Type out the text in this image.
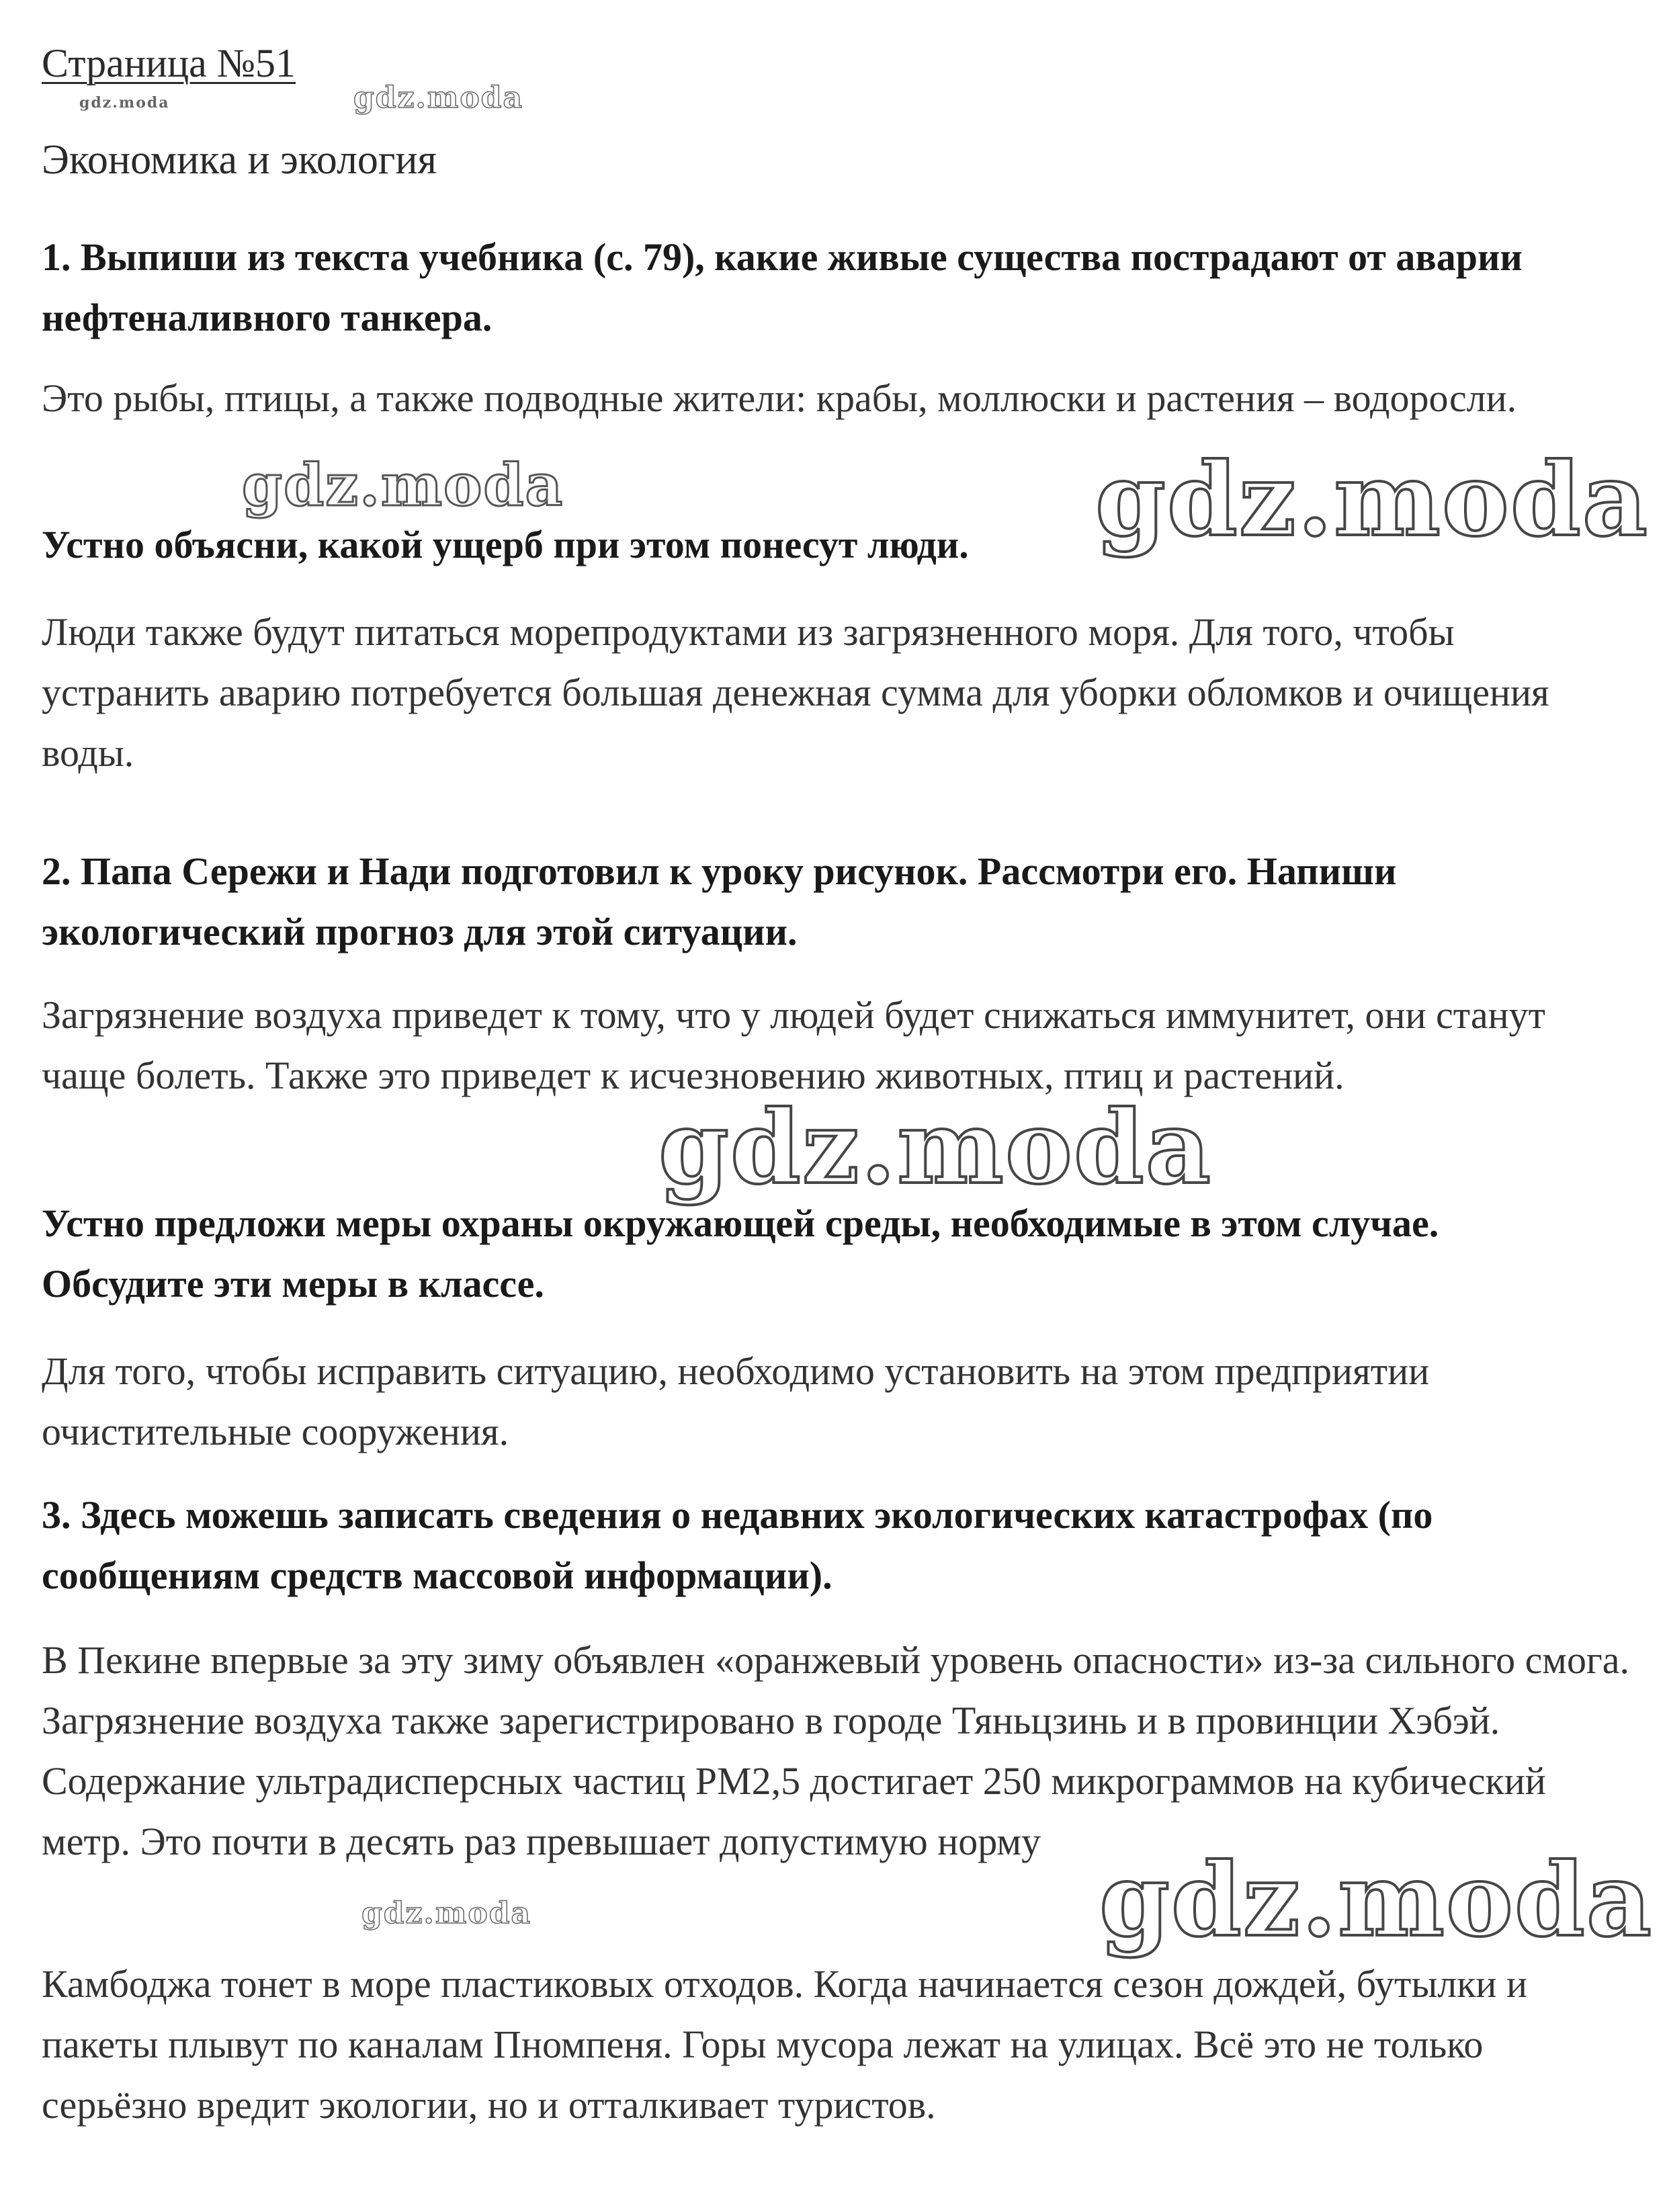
Страница №51
gdz.moda	gdz.moda
Экономика и экология

1. Выпиши из текста учебника (с. 79), какие живые существа пострадают от аварии нефтеналивного танкера.

Это рыбы, птицы, а также подводные жители: крабы, моллюски и растения – водоросли.

Устно объясни, какой ущерб при этом понесут люди.

Люди также будут питаться морепродуктами из загрязненного моря. Для того, чтобы устранить аварию потребуется большая денежная сумма для уборки обломков и очищения воды.

2. Папа Сережи и Нади подготовил к уроку рисунок. Рассмотри его. Напиши экологический прогноз для этой ситуации.

Загрязнение воздуха приведет к тому, что у людей будет снижаться иммунитет, они станут чаще болеть. Также это приведет к исчезновению животных, птиц и растений.

Устно предложи меры охраны окружающей среды, необходимые в этом случае. Обсудите эти меры в классе.

Для того, чтобы исправить ситуацию, необходимо установить на этом предприятии очистительные сооружения.

3. Здесь можешь записать сведения о недавних экологических катастрофах (по сообщениям средств массовой информации).

В Пекине впервые за эту зиму объявлен «оранжевый уровень опасности» из-за сильного смога. Загрязнение воздуха также зарегистрировано в городе Тяньцзинь и в провинции Хэбэй. Содержание ультрадисперсных частиц PM2,5 достигает 250 микрограммов на кубический метр. Это почти в десять раз превышает допустимую норму

Камбоджа тонет в море пластиковых отходов. Когда начинается сезон дождей, бутылки и пакеты плывут по каналам Пномпеня. Горы мусора лежат на улицах. Всё это не только серьёзно вредит экологии, но и отталкивает туристов.

gdz.moda	gdz.moda
gdz.moda
gdz.moda
gdz.moda
